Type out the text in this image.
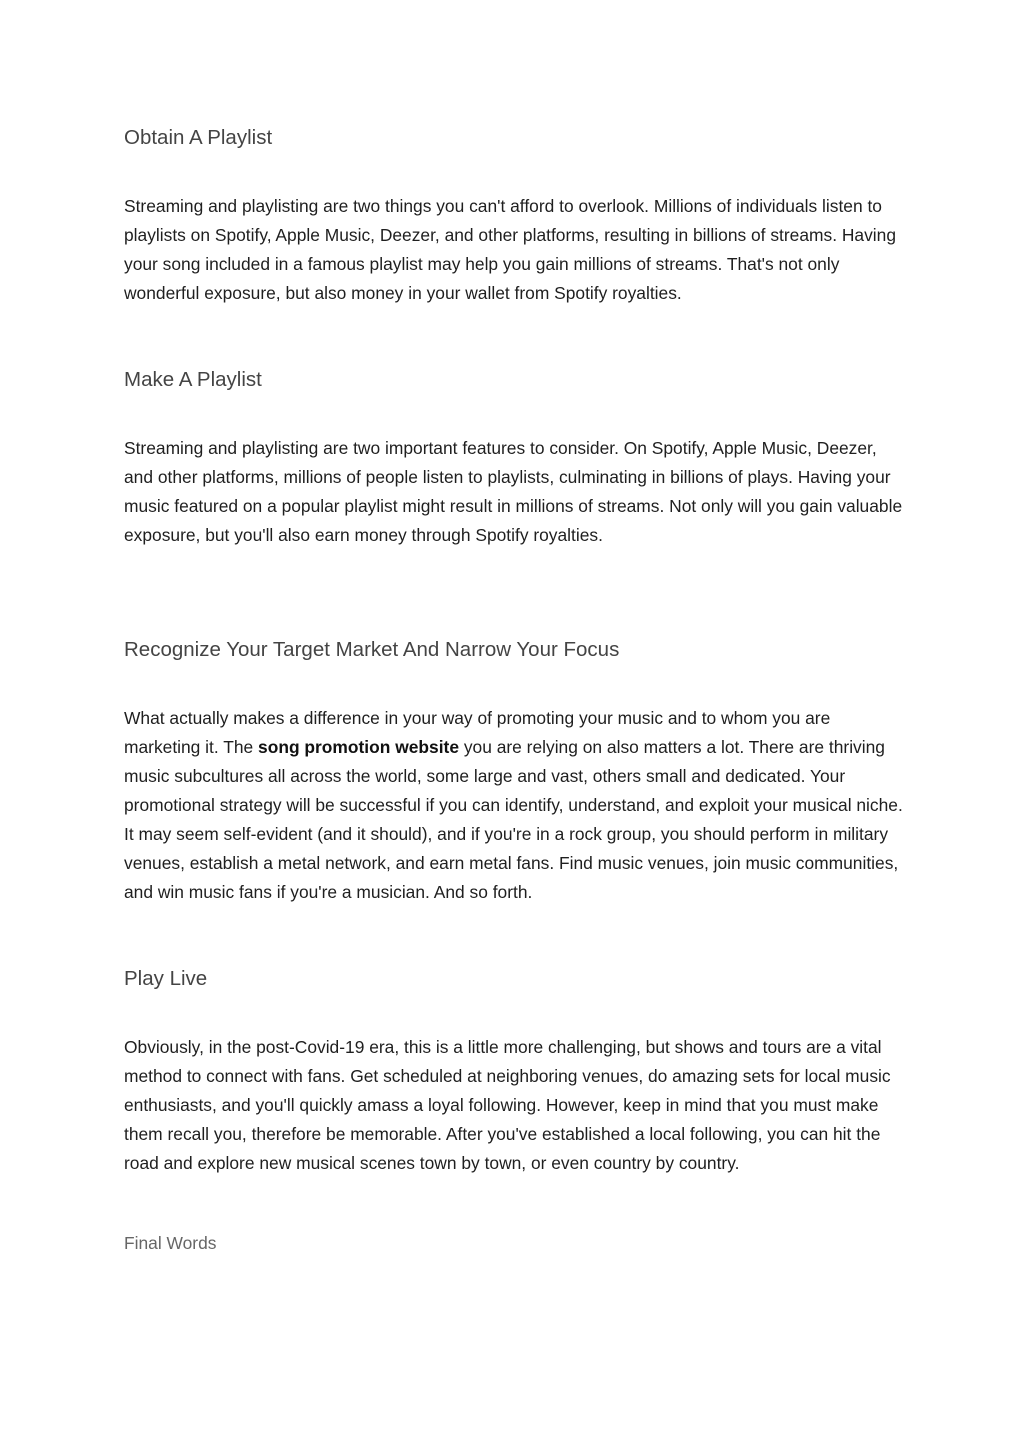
Obtain A Playlist

Streaming and playlisting are two things you can't afford to overlook. Millions of individuals listen to playlists on Spotify, Apple Music, Deezer, and other platforms, resulting in billions of streams. Having your song included in a famous playlist may help you gain millions of streams. That's not only wonderful exposure, but also money in your wallet from Spotify royalties.

Make A Playlist

Streaming and playlisting are two important features to consider. On Spotify, Apple Music, Deezer, and other platforms, millions of people listen to playlists, culminating in billions of plays. Having your music featured on a popular playlist might result in millions of streams. Not only will you gain valuable exposure, but you'll also earn money through Spotify royalties.

Recognize Your Target Market And Narrow Your Focus

What actually makes a difference in your way of promoting your music and to whom you are marketing it. The song promotion website you are relying on also matters a lot. There are thriving music subcultures all across the world, some large and vast, others small and dedicated. Your promotional strategy will be successful if you can identify, understand, and exploit your musical niche. It may seem self-evident (and it should), and if you're in a rock group, you should perform in military venues, establish a metal network, and earn metal fans. Find music venues, join music communities, and win music fans if you're a musician. And so forth.

Play Live

Obviously, in the post-Covid-19 era, this is a little more challenging, but shows and tours are a vital method to connect with fans. Get scheduled at neighboring venues, do amazing sets for local music enthusiasts, and you'll quickly amass a loyal following. However, keep in mind that you must make them recall you, therefore be memorable. After you've established a local following, you can hit the road and explore new musical scenes town by town, or even country by country.

Final Words
